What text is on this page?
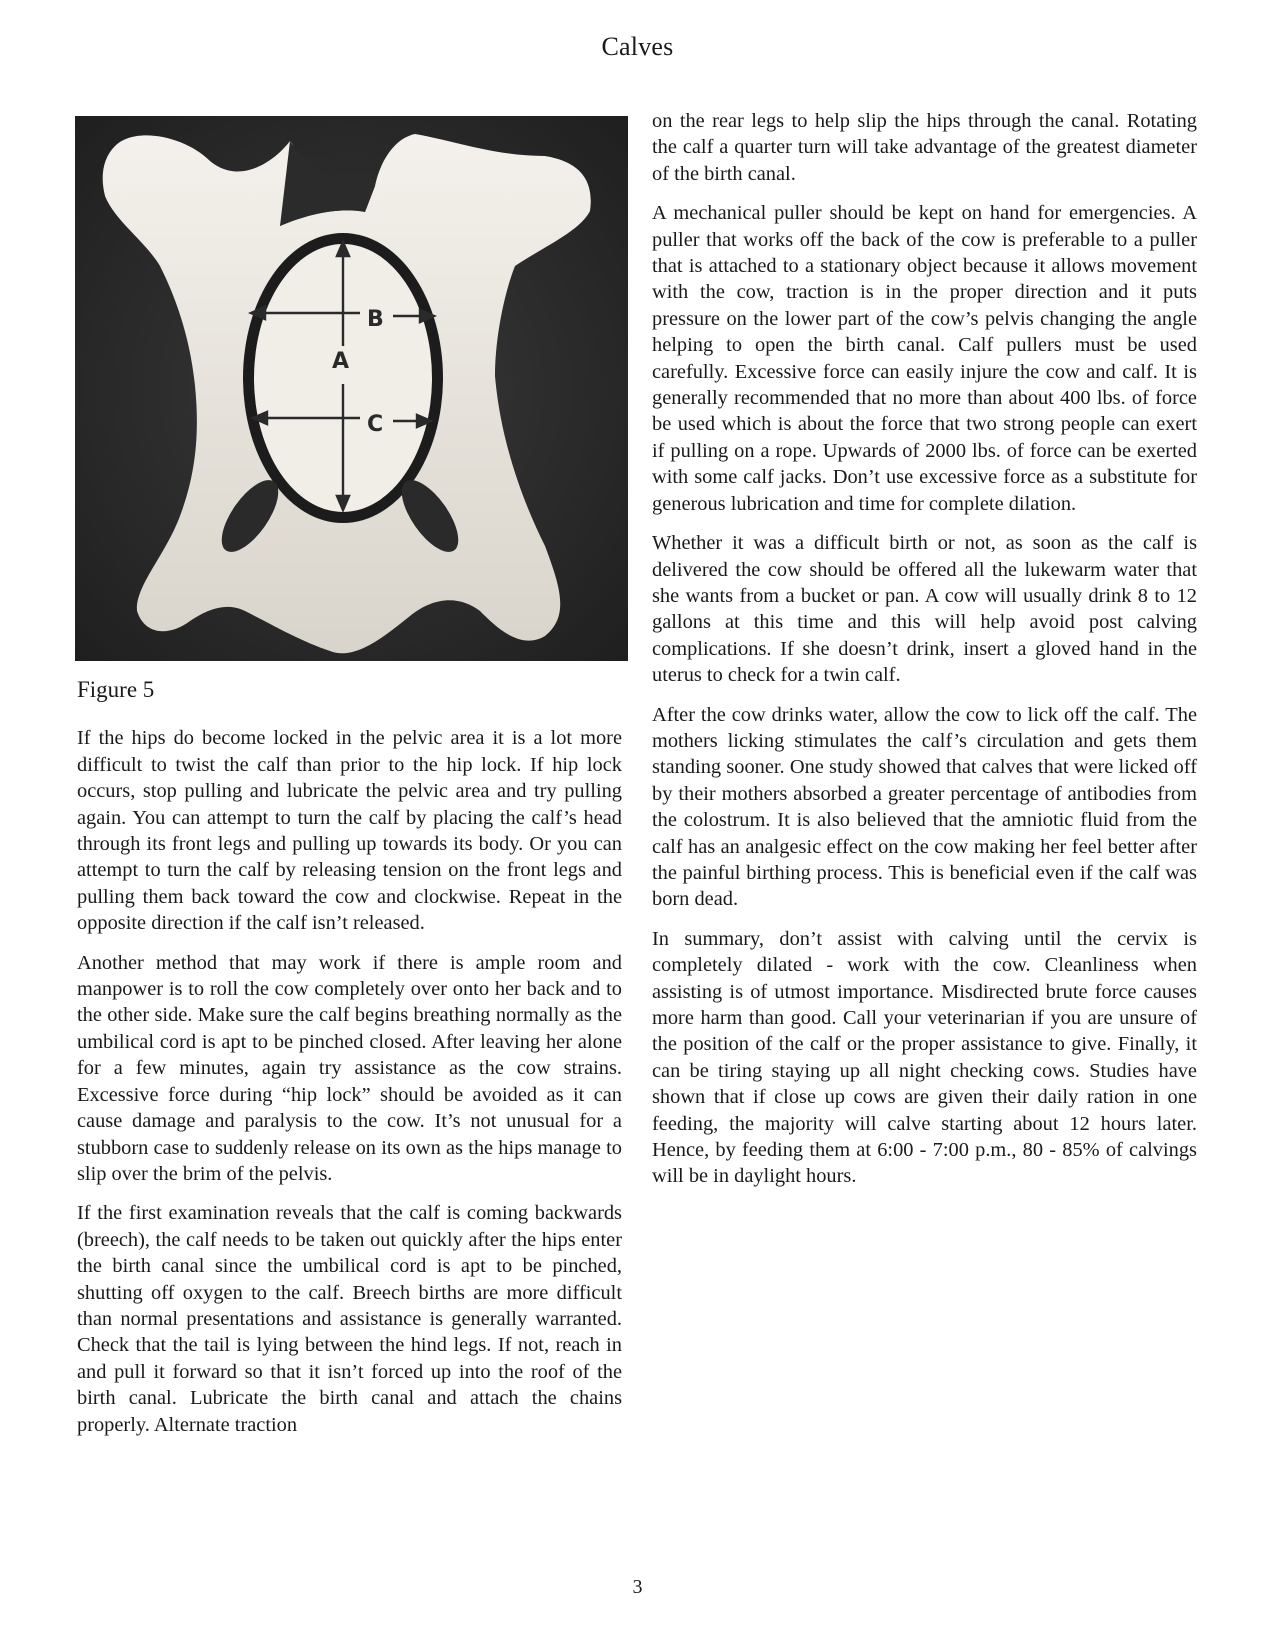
Calves
B
A
C
Figure 5

If the hips do become locked in the pelvic area it is a lot more difficult to twist the calf than prior to the hip lock. If hip lock occurs, stop pulling and lubricate the pelvic area and try pulling again. You can attempt to turn the calf by placing the calf’s head through its front legs and pulling up towards its body. Or you can attempt to turn the calf by releasing tension on the front legs and pulling them back toward the cow and clockwise. Repeat in the opposite direction if the calf isn’t released.

Another method that may work if there is ample room and manpower is to roll the cow completely over onto her back and to the other side. Make sure the calf begins breathing normally as the umbilical cord is apt to be pinched closed. After leaving her alone for a few minutes, again try assistance as the cow strains. Excessive force during “hip lock” should be avoided as it can cause damage and paralysis to the cow. It’s not unusual for a stubborn case to suddenly release on its own as the hips manage to slip over the brim of the pelvis.

If the first examination reveals that the calf is coming backwards (breech), the calf needs to be taken out quickly after the hips enter the birth canal since the umbilical cord is apt to be pinched, shutting off oxygen to the calf. Breech births are more difficult than normal presentations and assistance is generally warranted. Check that the tail is lying between the hind legs. If not, reach in and pull it forward so that it isn’t forced up into the roof of the birth canal. Lubricate the birth canal and attach the chains properly. Alternate traction

on the rear legs to help slip the hips through the canal. Rotating the calf a quarter turn will take advantage of the greatest diameter of the birth canal.

A mechanical puller should be kept on hand for emergencies. A puller that works off the back of the cow is preferable to a puller that is attached to a stationary object because it allows movement with the cow, traction is in the proper direction and it puts pressure on the lower part of the cow’s pelvis changing the angle helping to open the birth canal. Calf pullers must be used carefully. Excessive force can easily injure the cow and calf. It is generally recommended that no more than about 400 lbs. of force be used which is about the force that two strong people can exert if pulling on a rope. Upwards of 2000 lbs. of force can be exerted with some calf jacks. Don’t use excessive force as a substitute for generous lubrication and time for complete dilation.

Whether it was a difficult birth or not, as soon as the calf is delivered the cow should be offered all the lukewarm water that she wants from a bucket or pan. A cow will usually drink 8 to 12 gallons at this time and this will help avoid post calving complications. If she doesn’t drink, insert a gloved hand in the uterus to check for a twin calf.

After the cow drinks water, allow the cow to lick off the calf. The mothers licking stimulates the calf’s circulation and gets them standing sooner. One study showed that calves that were licked off by their mothers absorbed a greater percentage of antibodies from the colostrum. It is also believed that the amniotic fluid from the calf has an analgesic effect on the cow making her feel better after the painful birthing process. This is beneficial even if the calf was born dead.

In summary, don’t assist with calving until the cervix is completely dilated - work with the cow. Cleanliness when assisting is of utmost importance. Misdirected brute force causes more harm than good. Call your veterinarian if you are unsure of the position of the calf or the proper assistance to give. Finally, it can be tiring staying up all night checking cows. Studies have shown that if close up cows are given their daily ration in one feeding, the majority will calve starting about 12 hours later. Hence, by feeding them at 6:00 - 7:00 p.m., 80 - 85% of calvings will be in daylight hours.

3
